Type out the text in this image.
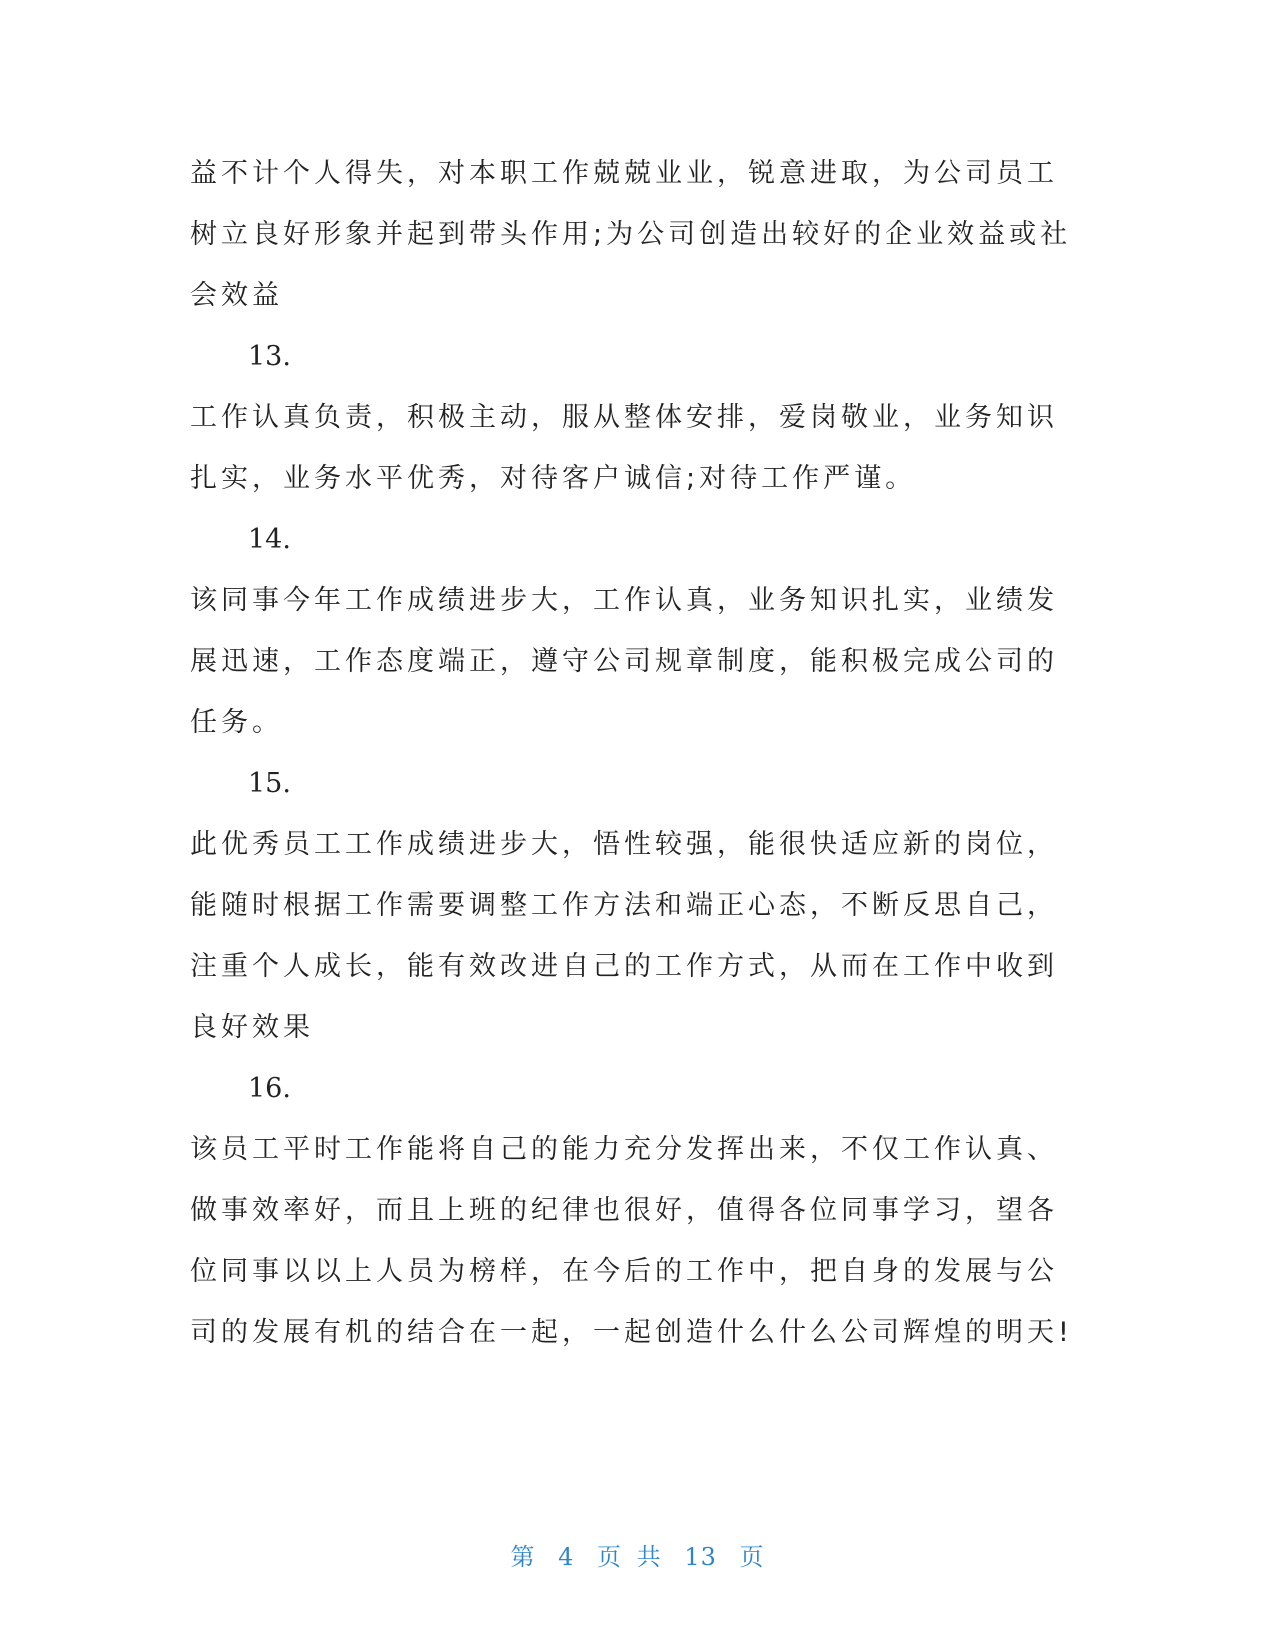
益不计个人得失，对本职工作兢兢业业，锐意进取，为公司员工

树立良好形象并起到带头作用;为公司创造出较好的企业效益或社

会效益

13.

工作认真负责，积极主动，服从整体安排，爱岗敬业，业务知识

扎实，业务水平优秀，对待客户诚信;对待工作严谨。

14.

该同事今年工作成绩进步大，工作认真，业务知识扎实，业绩发

展迅速，工作态度端正，遵守公司规章制度，能积极完成公司的

任务。

15.

此优秀员工工作成绩进步大，悟性较强，能很快适应新的岗位，

能随时根据工作需要调整工作方法和端正心态，不断反思自己，

注重个人成长，能有效改进自己的工作方式，从而在工作中收到

良好效果

16.

该员工平时工作能将自己的能力充分发挥出来，不仅工作认真、

做事效率好，而且上班的纪律也很好，值得各位同事学习，望各

位同事以以上人员为榜样，在今后的工作中，把自身的发展与公

司的发展有机的结合在一起，一起创造什么什么公司辉煌的明天!

第 4 页 共 13 页
